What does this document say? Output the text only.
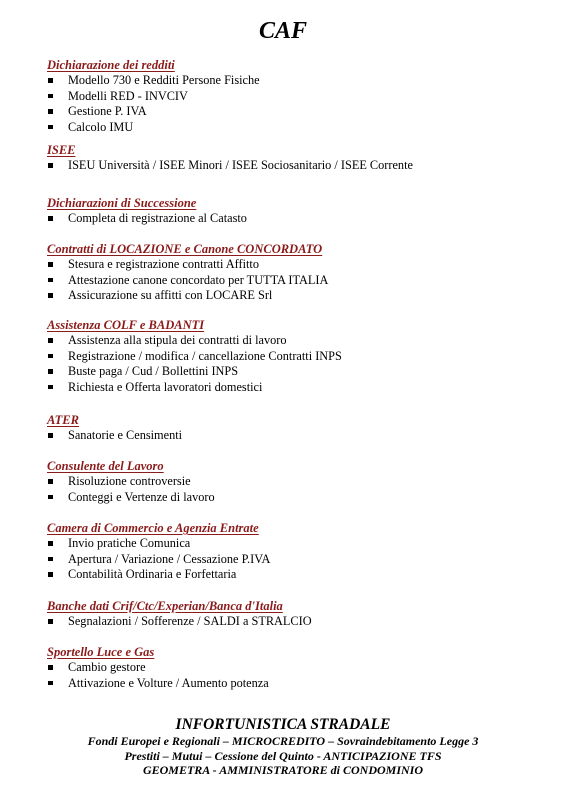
CAF
Dichiarazione dei redditi
Modello 730 e Redditi Persone Fisiche
Modelli RED - INVCIV
Gestione P. IVA
Calcolo IMU
ISEE
ISEU Università / ISEE Minori / ISEE Sociosanitario / ISEE Corrente
Dichiarazioni di Successione
Completa di registrazione al Catasto
Contratti di LOCAZIONE e Canone CONCORDATO
Stesura e registrazione contratti Affitto
Attestazione canone concordato per TUTTA ITALIA
Assicurazione su affitti con LOCARE Srl
Assistenza COLF e BADANTI
Assistenza alla stipula dei contratti di lavoro
Registrazione / modifica / cancellazione Contratti INPS
Buste paga / Cud / Bollettini INPS
Richiesta e Offerta lavoratori domestici
ATER
Sanatorie e Censimenti
Consulente del Lavoro
Risoluzione controversie
Conteggi e Vertenze di lavoro
Camera di Commercio e Agenzia Entrate
Invio pratiche Comunica
Apertura / Variazione / Cessazione P.IVA
Contabilità Ordinaria e Forfettaria
Banche dati Crif/Ctc/Experian/Banca d'Italia
Segnalazioni / Sofferenze / SALDI a STRALCIO
Sportello Luce e Gas
Cambio gestore
Attivazione e Volture / Aumento potenza
INFORTUNISTICA STRADALE
Fondi Europei e Regionali – MICROCREDITO – Sovraindebitamento Legge 3
Prestiti – Mutui – Cessione del Quinto - ANTICIPAZIONE TFS
GEOMETRA - AMMINISTRATORE di CONDOMINIO
